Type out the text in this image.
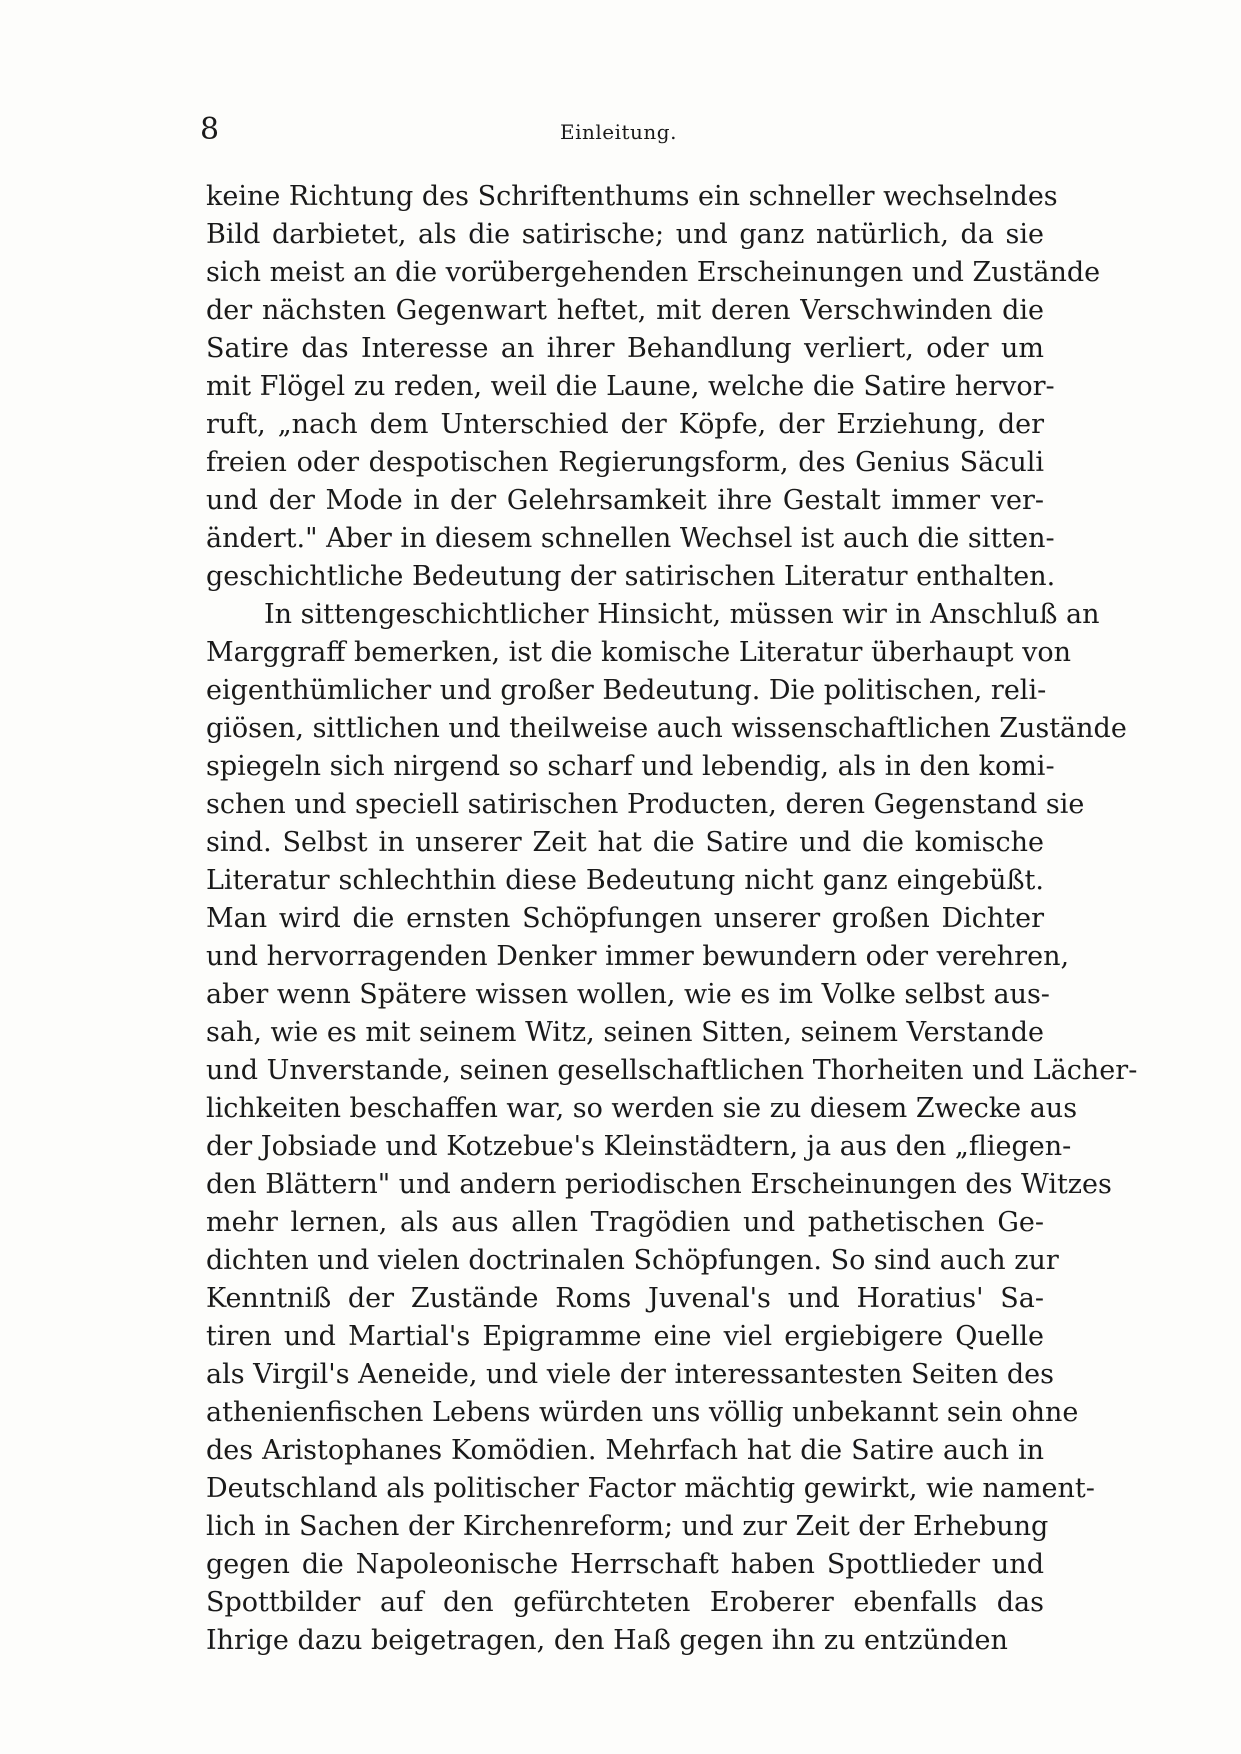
8	Einleitung.
keine Richtung des Schriftenthums ein schneller wechselndes
Bild darbietet, als die satirische; und ganz natürlich, da sie
sich meist an die vorübergehenden Erscheinungen und Zustände
der nächsten Gegenwart heftet, mit deren Verschwinden die
Satire das Interesse an ihrer Behandlung verliert, oder um
mit Flögel zu reden, weil die Laune, welche die Satire hervor-
ruft, „nach dem Unterschied der Köpfe, der Erziehung, der
freien oder despotischen Regierungsform, des Genius Säculi
und der Mode in der Gelehrsamkeit ihre Gestalt immer ver-
ändert." Aber in diesem schnellen Wechsel ist auch die sitten-
geschichtliche Bedeutung der satirischen Literatur enthalten.
In sittengeschichtlicher Hinsicht, müssen wir in Anschluß an
Marggraff bemerken, ist die komische Literatur überhaupt von
eigenthümlicher und großer Bedeutung. Die politischen, reli-
giösen, sittlichen und theilweise auch wissenschaftlichen Zustände
spiegeln sich nirgend so scharf und lebendig, als in den komi-
schen und speciell satirischen Producten, deren Gegenstand sie
sind. Selbst in unserer Zeit hat die Satire und die komische
Literatur schlechthin diese Bedeutung nicht ganz eingebüßt.
Man wird die ernsten Schöpfungen unserer großen Dichter
und hervorragenden Denker immer bewundern oder verehren,
aber wenn Spätere wissen wollen, wie es im Volke selbst aus-
sah, wie es mit seinem Witz, seinen Sitten, seinem Verstande
und Unverstande, seinen gesellschaftlichen Thorheiten und Lächer-
lichkeiten beschaffen war, so werden sie zu diesem Zwecke aus
der Jobsiade und Kotzebue's Kleinstädtern, ja aus den „fliegen-
den Blättern" und andern periodischen Erscheinungen des Witzes
mehr lernen, als aus allen Tragödien und pathetischen Ge-
dichten und vielen doctrinalen Schöpfungen. So sind auch zur
Kenntniß der Zustände Roms Juvenal's und Horatius' Sa-
tiren und Martial's Epigramme eine viel ergiebigere Quelle
als Virgil's Aeneide, und viele der interessantesten Seiten des
athenienfischen Lebens würden uns völlig unbekannt sein ohne
des Aristophanes Komödien. Mehrfach hat die Satire auch in
Deutschland als politischer Factor mächtig gewirkt, wie nament-
lich in Sachen der Kirchenreform; und zur Zeit der Erhebung
gegen die Napoleonische Herrschaft haben Spottlieder und
Spottbilder auf den gefürchteten Eroberer ebenfalls das
Ihrige dazu beigetragen, den Haß gegen ihn zu entzünden
